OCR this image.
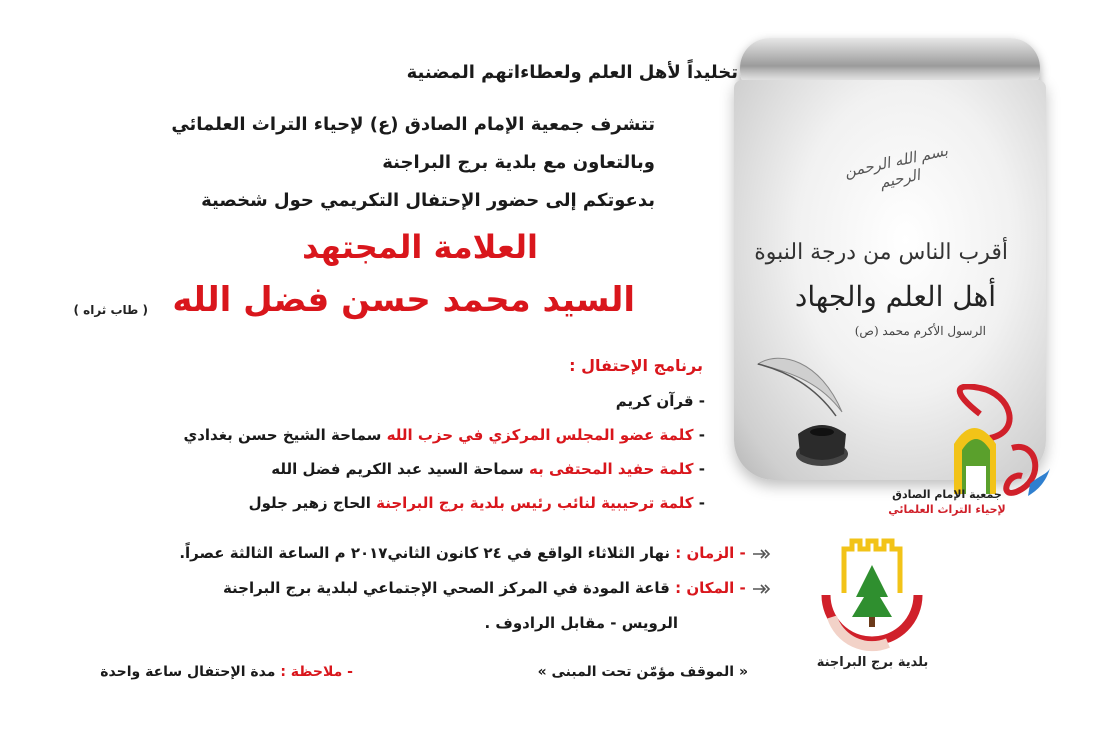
بسم الله الرحمن الرحيم
أقرب الناس من درجة النبوة
أهل العلم والجهاد
الرسول الأكرم محمد (ص)
جمعية الإمام الصادق
لإحياء التراث العلمائي
بلدية برج البراجنة
تخليداً لأهل العلم ولعطاءاتهم المضنية
تتشرف جمعية الإمام الصادق (ع) لإحياء التراث العلمائي
وبالتعاون مع بلدية برج البراجنة
بدعوتكم إلى حضور الإحتفال التكريمي حول شخصية
العلامة المجتهد
السيد محمد حسن فضل الله
( طاب ثراه )
برنامج الإحتفال :
- قرآن كريم
- كلمة عضو المجلس المركزي في حزب الله سماحة الشيخ حسن بغدادي
- كلمة حفيد المحتفى به سماحة السيد عبد الكريم فضل الله
- كلمة ترحيبية لنائب رئيس بلدية برج البراجنة الحاج زهير جلول
- الزمان : نهار الثلاثاء الواقع في ٢٤ كانون الثاني٢٠١٧ م الساعة الثالثة عصراً.
- المكان : قاعة المودة في المركز الصحي الإجتماعي لبلدية برج البراجنة
الرويس - مقابل الرادوف .
« الموقف مؤمّن تحت المبنى »
- ملاحظة : مدة الإحتفال ساعة واحدة
